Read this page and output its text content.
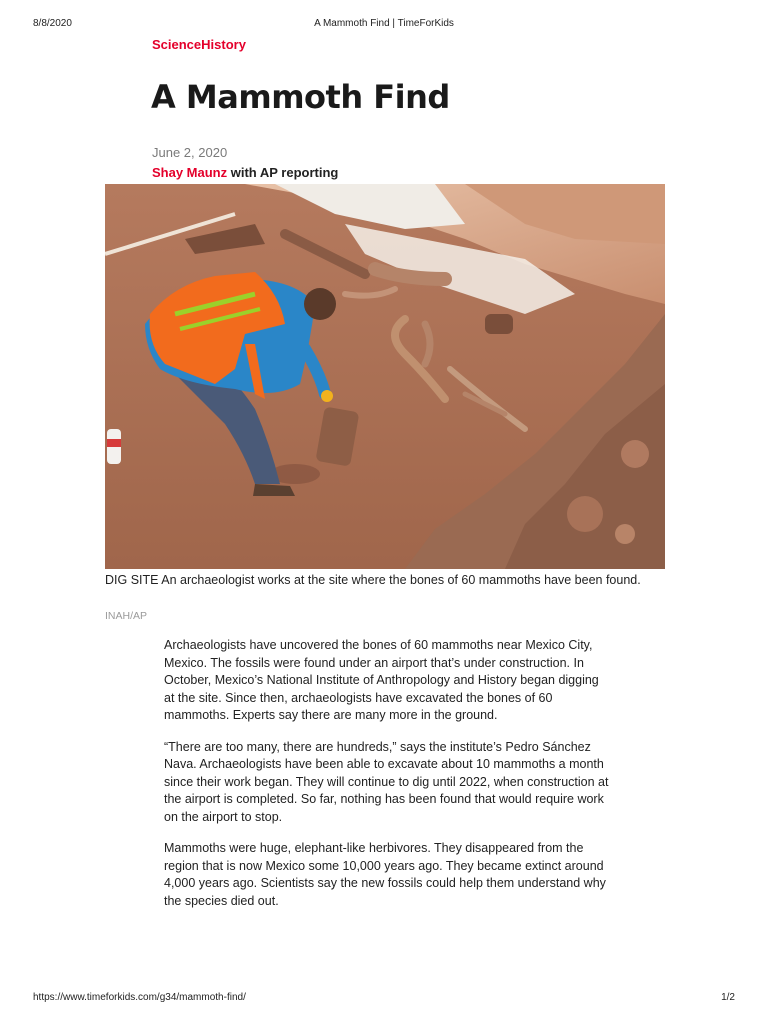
8/8/2020	A Mammoth Find | TimeForKids
ScienceHistory
A Mammoth Find
June 2, 2020
Shay Maunz with AP reporting
DIG SITE An archaeologist works at the site where the bones of 60 mammoths have been found.
INAH/AP

Archaeologists have uncovered the bones of 60 mammoths near Mexico City, Mexico. The fossils were found under an airport that’s under construction. In October, Mexico’s National Institute of Anthropology and History began digging at the site. Since then, archaeologists have excavated the bones of 60 mammoths. Experts say there are many more in the ground.

“There are too many, there are hundreds,” says the institute’s Pedro Sánchez Nava. Archaeologists have been able to excavate about 10 mammoths a month since their work began. They will continue to dig until 2022, when construction at the airport is completed. So far, nothing has been found that would require work on the airport to stop.

Mammoths were huge, elephant-like herbivores. They disappeared from the region that is now Mexico some 10,000 years ago. They became extinct around 4,000 years ago. Scientists say the new fossils could help them understand why the species died out.

https://www.timeforkids.com/g34/mammoth-find/	1/2
